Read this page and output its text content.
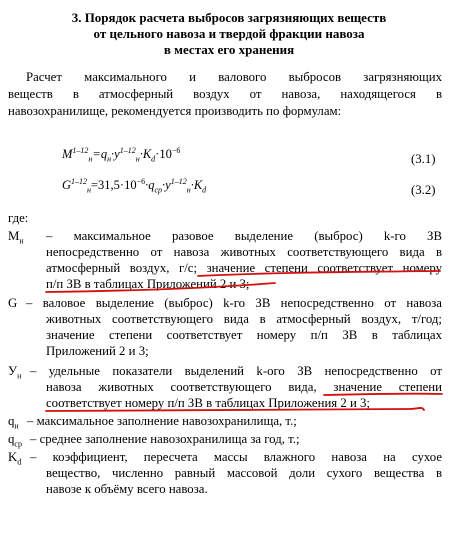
3. Порядок расчета выбросов загрязняющих веществ
от цельного навоза и твердой фракции навоза
в местах его хранения
Расчет максимального и валового выбросов загрязняющих
веществ в атмосферный воздух от навоза, находящегося в
навозохранилище, рекомендуется производить по формулам:
$M^{1-12}_н=q_н\cdot y^{1-12}_н\cdot K_d\cdot 10^{-6}$
(3.1)
$G^{1-12}_н=31,5\cdot 10^{-6}\cdot q_{cp}\cdot y^{1-12}_н\cdot K_d$	(3.2)
где:
$M_н$ – максимальное разовое выделение (выброс) k-го ЗВ
непосредственно от навоза животных соответствующего вида в
атмосферный воздух, г/с; значение степени соответствует номеру
п/п ЗВ в таблицах Приложений 2 и 3;
G – валовое выделение (выброс) k-го ЗВ непосредственно от навоза
животных соответствующего вида в атмосферный воздух, т/год;
значение степени соответствует номеру п/п ЗВ в таблицах
Приложений 2 и 3;
$У_н$ – удельные показатели выделений k-ого ЗВ непосредственно от
навоза животных соответствующего вида, значение степени
соответствует номеру п/п ЗВ в таблицах Приложения 2 и 3;
$q_н$ – максимальное заполнение навозохранилища, т.;
$q_{ср}$ – среднее заполнение навозохранилища за год, т.;
$K_d$ – коэффициент, пересчета массы влажного навоза на сухое
вещество, численно равный массовой доли сухого вещества в
навозе к объёму всего навоза.
